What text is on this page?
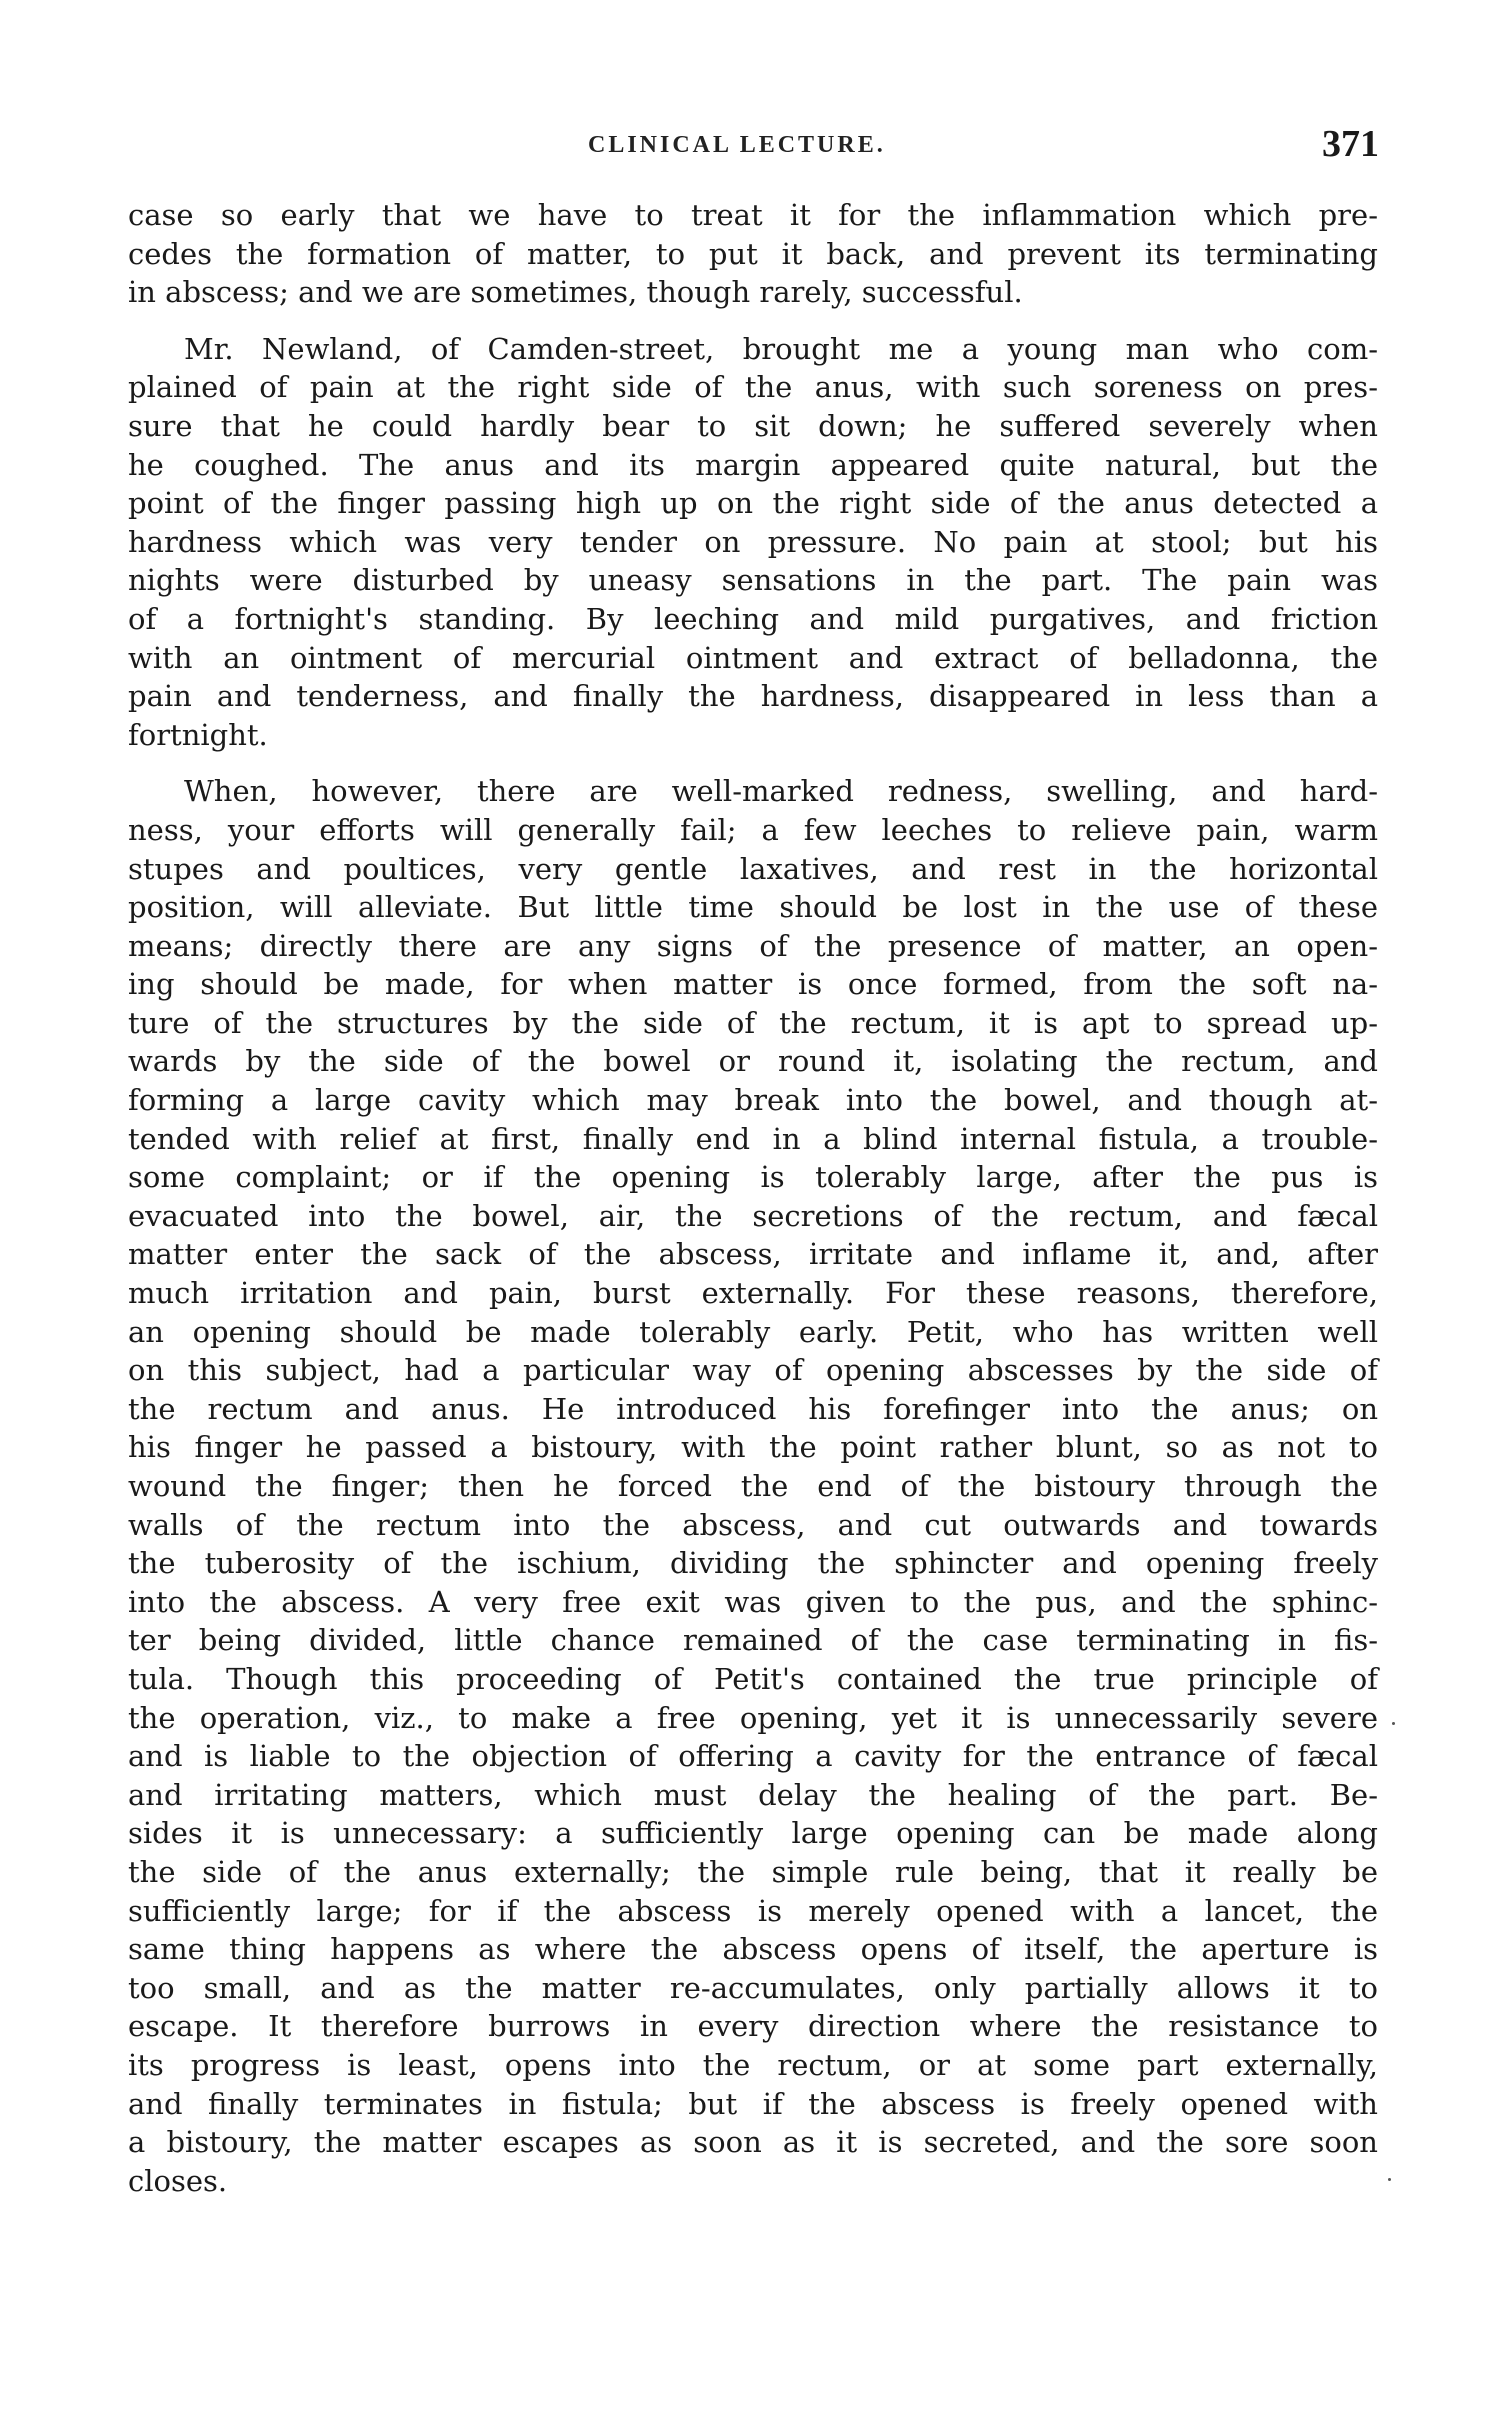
CLINICAL LECTURE.	371
case so early that we have to treat it for the inflammation which pre-
cedes the formation of matter, to put it back, and prevent its terminating
in abscess; and we are sometimes, though rarely, successful.
Mr. Newland, of Camden-street, brought me a young man who com-
plained of pain at the right side of the anus, with such soreness on pres-
sure that he could hardly bear to sit down; he suffered severely when
he coughed. The anus and its margin appeared quite natural, but the
point of the finger passing high up on the right side of the anus detected a
hardness which was very tender on pressure. No pain at stool; but his
nights were disturbed by uneasy sensations in the part. The pain was
of a fortnight's standing. By leeching and mild purgatives, and friction
with an ointment of mercurial ointment and extract of belladonna, the
pain and tenderness, and finally the hardness, disappeared in less than a
fortnight.
When, however, there are well-marked redness, swelling, and hard-
ness, your efforts will generally fail; a few leeches to relieve pain, warm
stupes and poultices, very gentle laxatives, and rest in the horizontal
position, will alleviate. But little time should be lost in the use of these
means; directly there are any signs of the presence of matter, an open-
ing should be made, for when matter is once formed, from the soft na-
ture of the structures by the side of the rectum, it is apt to spread up-
wards by the side of the bowel or round it, isolating the rectum, and
forming a large cavity which may break into the bowel, and though at-
tended with relief at first, finally end in a blind internal fistula, a trouble-
some complaint; or if the opening is tolerably large, after the pus is
evacuated into the bowel, air, the secretions of the rectum, and fæcal
matter enter the sack of the abscess, irritate and inflame it, and, after
much irritation and pain, burst externally. For these reasons, therefore,
an opening should be made tolerably early. Petit, who has written well
on this subject, had a particular way of opening abscesses by the side of
the rectum and anus. He introduced his forefinger into the anus; on
his finger he passed a bistoury, with the point rather blunt, so as not to
wound the finger; then he forced the end of the bistoury through the
walls of the rectum into the abscess, and cut outwards and towards
the tuberosity of the ischium, dividing the sphincter and opening freely
into the abscess. A very free exit was given to the pus, and the sphinc-
ter being divided, little chance remained of the case terminating in fis-
tula. Though this proceeding of Petit's contained the true principle of
the operation, viz., to make a free opening, yet it is unnecessarily severe
and is liable to the objection of offering a cavity for the entrance of fæcal
and irritating matters, which must delay the healing of the part. Be-
sides it is unnecessary: a sufficiently large opening can be made along
the side of the anus externally; the simple rule being, that it really be
sufficiently large; for if the abscess is merely opened with a lancet, the
same thing happens as where the abscess opens of itself, the aperture is
too small, and as the matter re-accumulates, only partially allows it to
escape. It therefore burrows in every direction where the resistance to
its progress is least, opens into the rectum, or at some part externally,
and finally terminates in fistula; but if the abscess is freely opened with
a bistoury, the matter escapes as soon as it is secreted, and the sore soon
closes.
